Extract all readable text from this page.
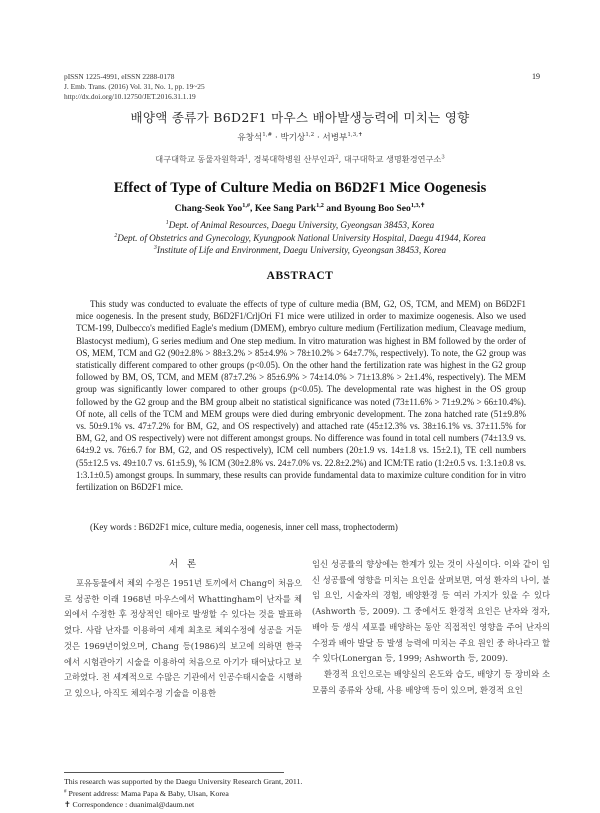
pISSN 1225-4991, eISSN 2288-0178
J. Emb. Trans. (2016) Vol. 31, No. 1, pp. 19~25
http://dx.doi.org/10.12750/JET.2016.31.1.19
19
배양액 종류가 B6D2F1 마우스 배아발생능력에 미치는 영향
유창석$^{1,\#}$ · 박기상$^{1,2}$ · 서병부$^{1,3,✝}$
대구대학교 동물자원학과$^1$, 경북대학병원 산부인과$^2$, 대구대학교 생명환경연구소$^3$
Effect of Type of Culture Media on B6D2F1 Mice Oogenesis
Chang-Seok Yoo$^{1,\#}$, Kee Sang Park$^{1,2}$ and Byoung Boo Seo$^{1,3,✝}$
$^1$Dept. of Animal Resources, Daegu University, Gyeongsan 38453, Korea
$^2$Dept. of Obstetrics and Gynecology, Kyungpook National University Hospital, Daegu 41944, Korea
$^3$Institute of Life and Environment, Daegu University, Gyeongsan 38453, Korea
ABSTRACT

This study was conducted to evaluate the effects of type of culture media (BM, G2, OS, TCM, and MEM) on B6D2F1 mice oogenesis. In the present study, B6D2F1/CrljOri F1 mice were utilized in order to maximize oogenesis. Also we used TCM-199, Dulbecco's medified Eagle's medium (DMEM), embryo culture medium (Fertilization medium, Cleavage medium, Blastocyst medium), G series medium and One step medium. In vitro maturation was highest in BM followed by the order of OS, MEM, TCM and G2 (90±2.8% > 88±3.2% > 85±4.9% > 78±10.2% > 64±7.7%, respectively). To note, the G2 group was statistically different compared to other groups (p<0.05). On the other hand the fertilization rate was highest in the G2 group followed by BM, OS, TCM, and MEM (87±7.2% > 85±6.9% > 74±14.0% > 71±13.8% > 2±1.4%, respectively). The MEM group was significantly lower compared to other groups (p<0.05). The developmental rate was highest in the OS group followed by the G2 group and the BM group albeit no statistical significance was noted (73±11.6% > 71±9.2% > 66±10.4%). Of note, all cells of the TCM and MEM groups were died during embryonic development. The zona hatched rate (51±9.8% vs. 50±9.1% vs. 47±7.2% for BM, G2, and OS respectively) and attached rate (45±12.3% vs. 38±16.1% vs. 37±11.5% for BM, G2, and OS respectively) were not different amongst groups. No difference was found in total cell numbers (74±13.9 vs. 64±9.2 vs. 76±6.7 for BM, G2, and OS respectively), ICM cell numbers (20±1.9 vs. 14±1.8 vs. 15±2.1), TE cell numbers (55±12.5 vs. 49±10.7 vs. 61±5.9), % ICM (30±2.8% vs. 24±7.0% vs. 22.8±2.2%) and ICM:TE ratio (1:2±0.5 vs. 1:3.1±0.8 vs. 1:3.1±0.5) amongst groups. In summary, these results can provide fundamental data to maximize culture condition for in vitro fertilization on B6D2F1 mice.

(Key words : B6D2F1 mice, culture media, oogenesis, inner cell mass, trophectoderm)
서 론

포유동물에서 체외 수정은 1951년 토끼에서 Chang이 처음으로 성공한 이래 1968년 마우스에서 Whattingham이 난자를 체외에서 수정한 후 정상적인 태아로 발생할 수 있다는 것을 발표하였다. 사람 난자를 이용하여 세계 최초로 체외수정에 성공을 거둔 것은 1969년이었으며, Chang 등(1986)의 보고에 의하면 한국에서 시험관아기 시술을 이용하여 처음으로 아기가 태어났다고 보고하였다. 전 세계적으로 수많은 기관에서 인공수태시술을 시행하고 있으나, 아직도 체외수정 기술을 이용한

임신 성공률의 향상에는 한계가 있는 것이 사실이다. 이와 같이 임신 성공률에 영향을 미치는 요인을 살펴보면, 여성 환자의 나이, 불임 요인, 시술자의 경험, 배양환경 등 여러 가지가 있을 수 있다(Ashworth 등, 2009). 그 중에서도 환경적 요인은 난자와 정자, 배아 등 생식 세포를 배양하는 동안 직접적인 영향을 주어 난자의 수정과 배아 발달 등 발생 능력에 미치는 주요 원인 중 하나라고 할 수 있다(Lonergan 등, 1999; Ashworth 등, 2009).

환경적 요인으로는 배양실의 온도와 습도, 배양기 등 장비와 소모품의 종류와 상태, 사용 배양액 등이 있으며, 환경적 요인

This research was supported by the Daegu University Research Grant, 2011.
# Present address: Mama Papa & Baby, Ulsan, Korea
✝ Correspondence : duanimal@daum.net
